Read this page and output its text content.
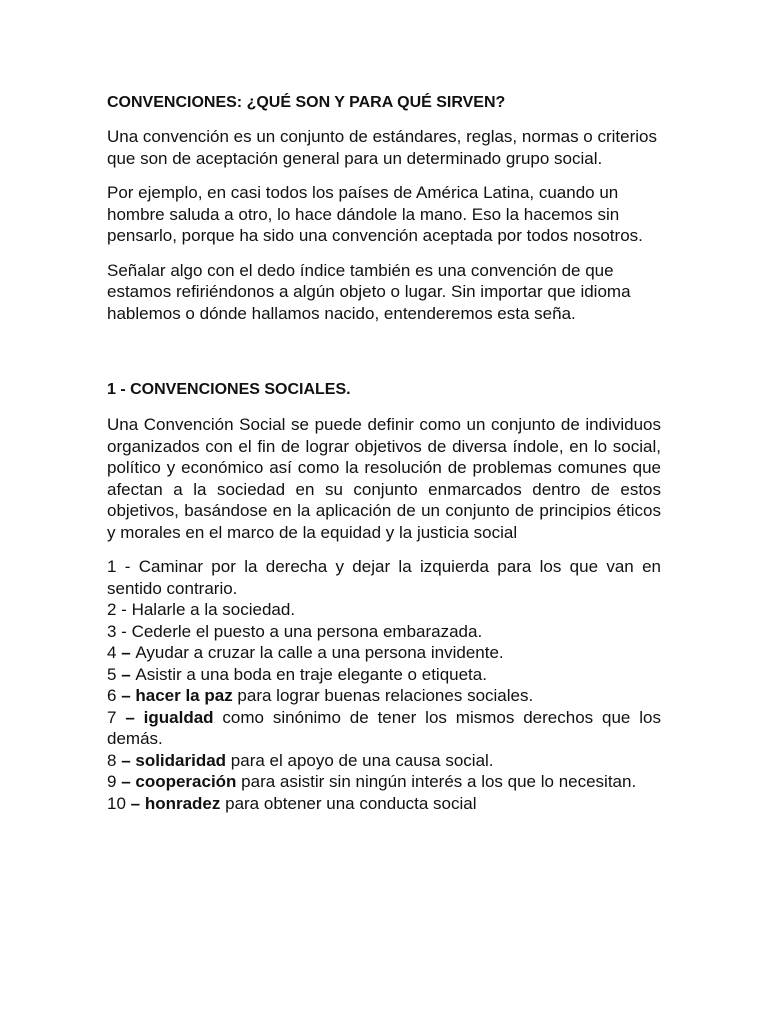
CONVENCIONES: ¿QUÉ SON Y PARA QUÉ SIRVEN?

Una convención es un conjunto de estándares, reglas, normas o criterios que son de aceptación general para un determinado grupo social.

Por ejemplo, en casi todos los países de América Latina, cuando un hombre saluda a otro, lo hace dándole la mano. Eso la hacemos sin pensarlo, porque ha sido una convención aceptada por todos nosotros.

Señalar algo con el dedo índice también es una convención de que estamos refiriéndonos a algún objeto o lugar. Sin importar que idioma hablemos o dónde hallamos nacido, entenderemos esta seña.

1 - CONVENCIONES SOCIALES.

Una Convención Social se puede definir como un conjunto de individuos organizados con el fin de lograr objetivos de diversa índole, en lo social, político y económico así como la resolución de problemas comunes que afectan a la sociedad en su conjunto enmarcados dentro de estos objetivos, basándose en la aplicación de un conjunto de principios éticos y morales en el marco de la equidad y la justicia social

1 - Caminar por la derecha y dejar la izquierda para los que van en sentido contrario.
2 - Halarle a la sociedad.
3 - Cederle el puesto a una persona embarazada.
4 – Ayudar a cruzar la calle a una persona invidente.
5 – Asistir a una boda en traje elegante o etiqueta.
6 – hacer la paz para lograr buenas relaciones sociales.
7 – igualdad como sinónimo de tener los mismos derechos que los demás.
8 – solidaridad para el apoyo de una causa social.
9 – cooperación para asistir sin ningún interés a los que lo necesitan.
10 – honradez para obtener una conducta social
